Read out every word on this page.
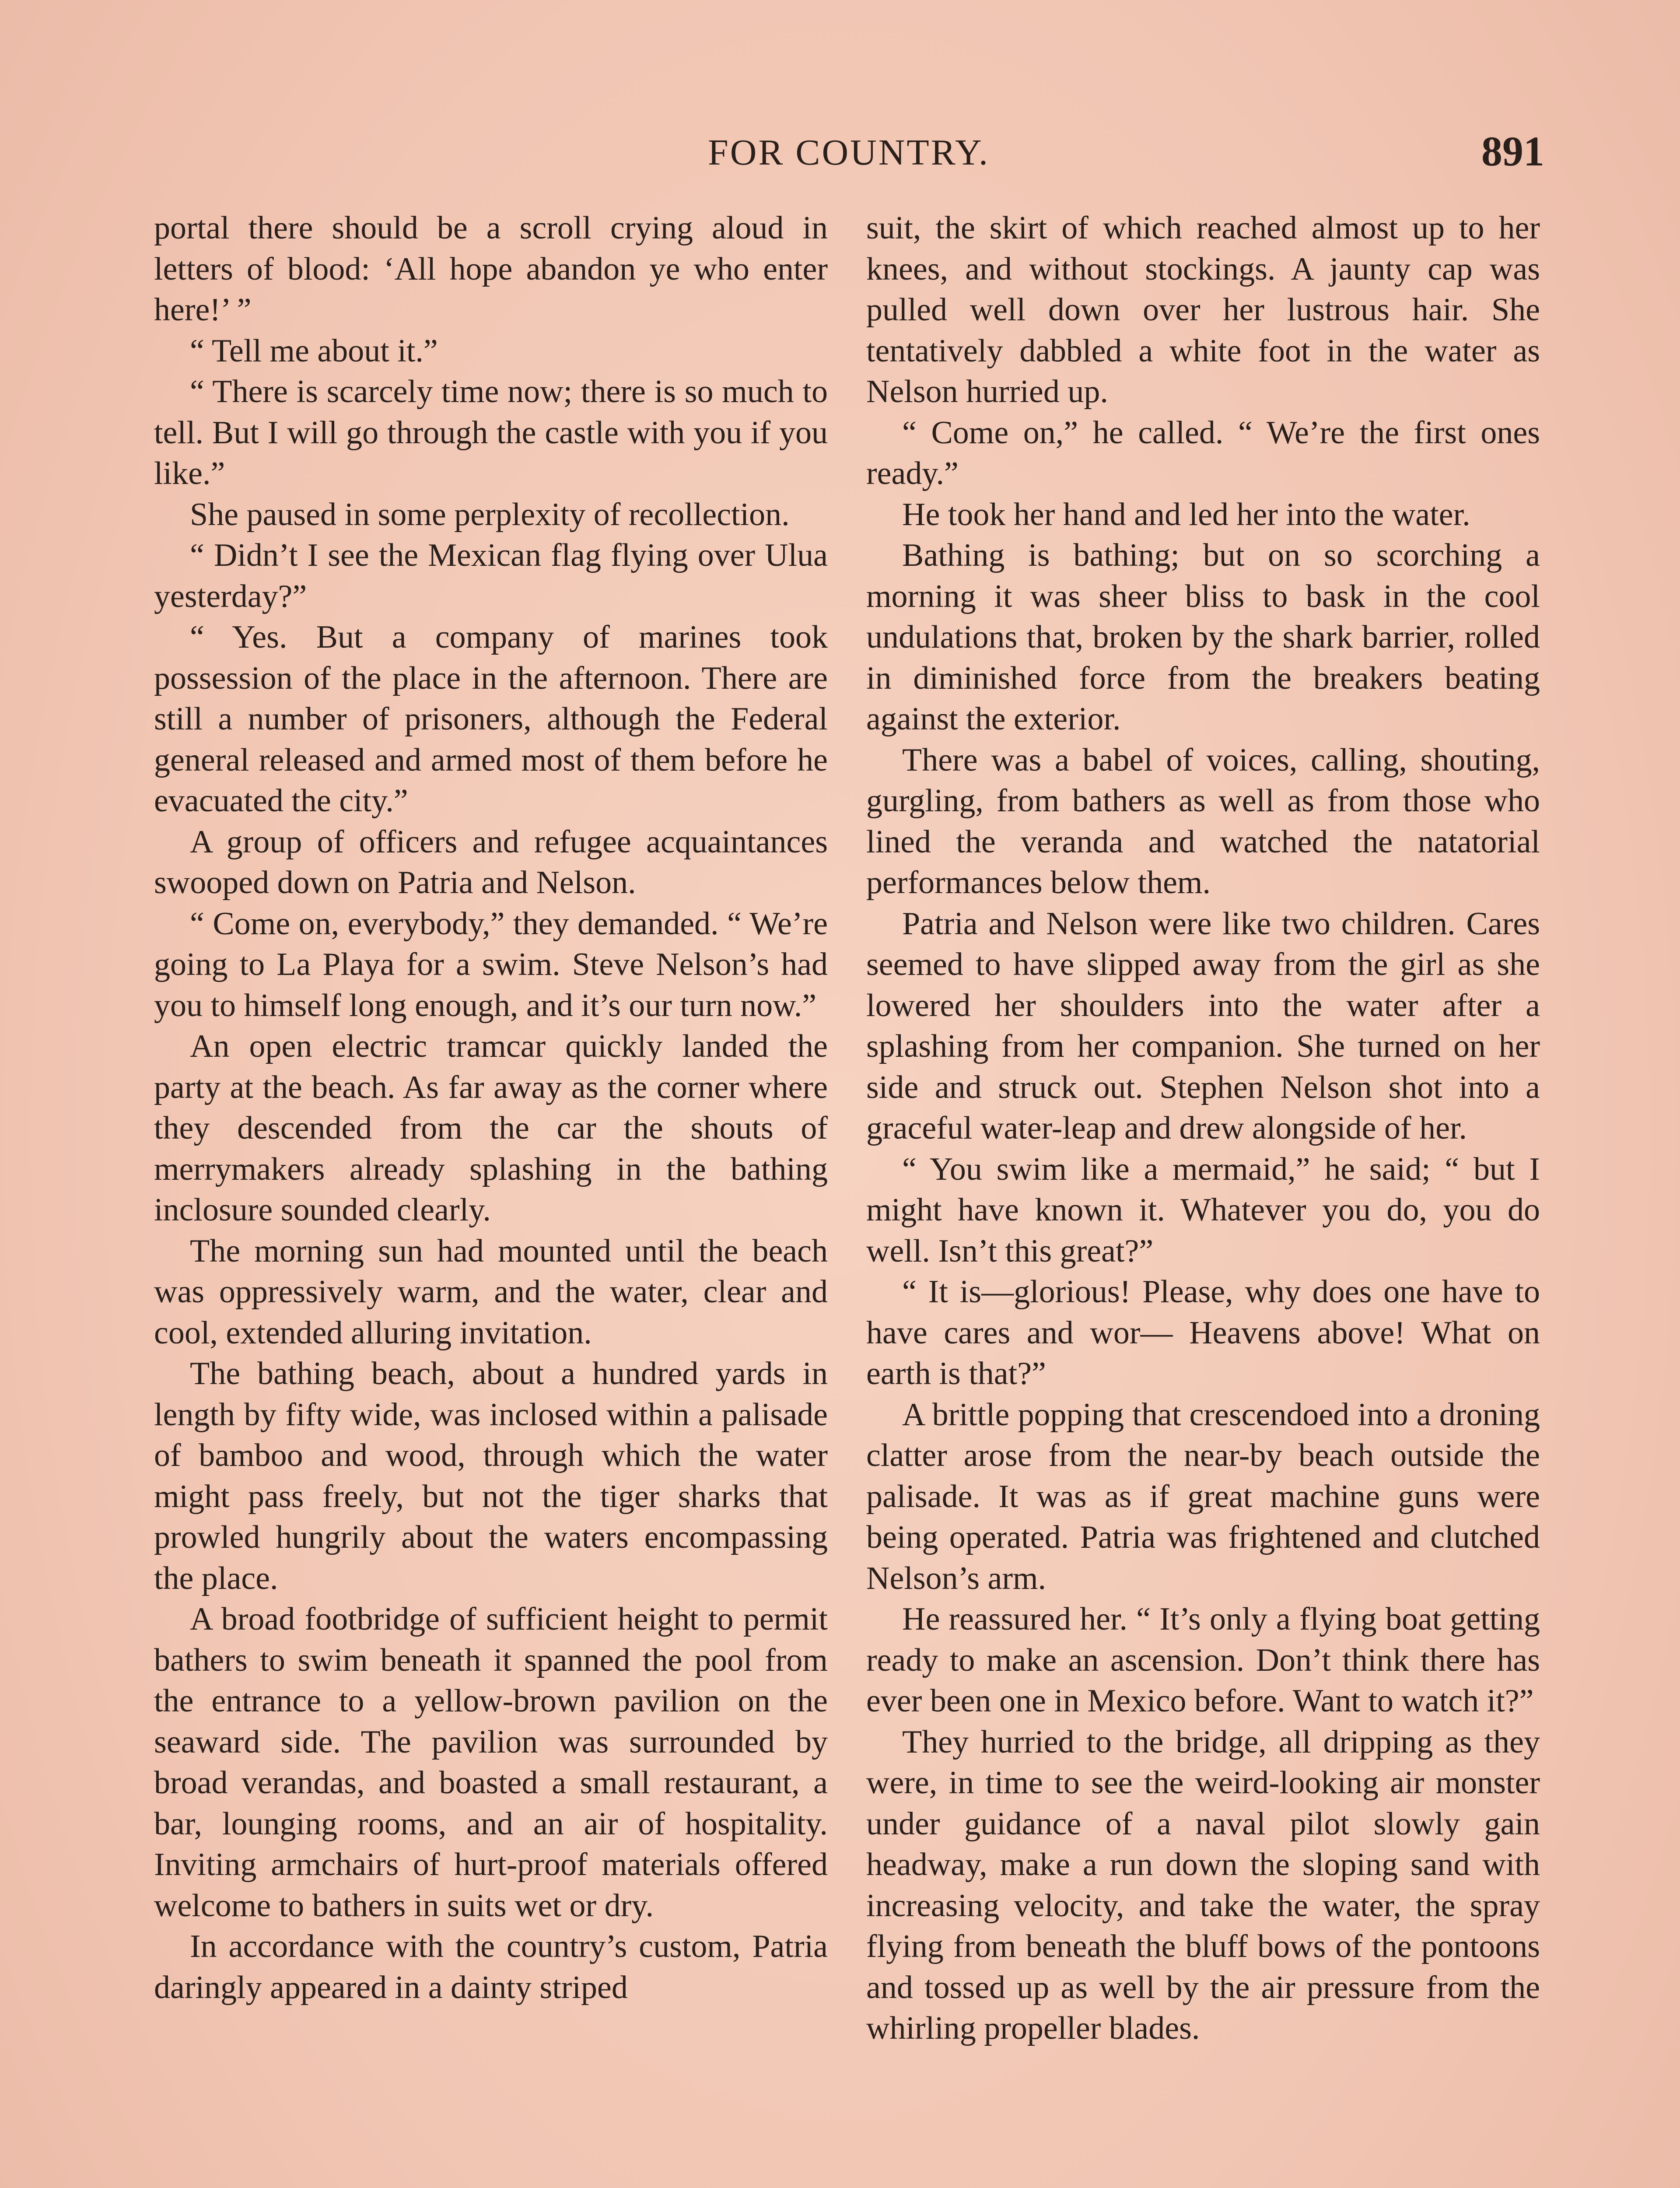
FOR COUNTRY.	891

portal there should be a scroll crying aloud in letters of blood: ‘All hope abandon ye who enter here!’ ”

“ Tell me about it.”

“ There is scarcely time now; there is so much to tell. But I will go through the castle with you if you like.”

She paused in some perplexity of recollection.

“ Didn’t I see the Mexican flag flying over Ulua yesterday?”

“ Yes. But a company of marines took possession of the place in the afternoon. There are still a number of prisoners, although the Federal general released and armed most of them before he evacuated the city.”

A group of officers and refugee acquaintances swooped down on Patria and Nelson.

“ Come on, everybody,” they demanded. “ We’re going to La Playa for a swim. Steve Nelson’s had you to himself long enough, and it’s our turn now.”

An open electric tramcar quickly landed the party at the beach. As far away as the corner where they descended from the car the shouts of merrymakers already splashing in the bathing inclosure sounded clearly.

The morning sun had mounted until the beach was oppressively warm, and the water, clear and cool, extended alluring invitation.

The bathing beach, about a hundred yards in length by fifty wide, was inclosed within a palisade of bamboo and wood, through which the water might pass freely, but not the tiger sharks that prowled hungrily about the waters encompassing the place.

A broad footbridge of sufficient height to permit bathers to swim beneath it spanned the pool from the entrance to a yellow-brown pavilion on the seaward side. The pavilion was surrounded by broad verandas, and boasted a small restaurant, a bar, lounging rooms, and an air of hospitality. Inviting armchairs of hurt-proof materials offered welcome to bathers in suits wet or dry.

In accordance with the country’s custom, Patria daringly appeared in a dainty striped

suit, the skirt of which reached almost up to her knees, and without stockings. A jaunty cap was pulled well down over her lustrous hair. She tentatively dabbled a white foot in the water as Nelson hurried up.

“ Come on,” he called. “ We’re the first ones ready.”

He took her hand and led her into the water.

Bathing is bathing; but on so scorching a morning it was sheer bliss to bask in the cool undulations that, broken by the shark barrier, rolled in diminished force from the breakers beating against the exterior.

There was a babel of voices, calling, shouting, gurgling, from bathers as well as from those who lined the veranda and watched the natatorial performances below them.

Patria and Nelson were like two children. Cares seemed to have slipped away from the girl as she lowered her shoulders into the water after a splashing from her companion. She turned on her side and struck out. Stephen Nelson shot into a graceful water-leap and drew alongside of her.

“ You swim like a mermaid,” he said; “ but I might have known it. Whatever you do, you do well. Isn’t this great?”

“ It is—glorious! Please, why does one have to have cares and wor— Heavens above! What on earth is that?”

A brittle popping that crescendoed into a droning clatter arose from the near-by beach outside the palisade. It was as if great machine guns were being operated. Patria was frightened and clutched Nelson’s arm.

He reassured her. “ It’s only a flying boat getting ready to make an ascension. Don’t think there has ever been one in Mexico before. Want to watch it?”

They hurried to the bridge, all dripping as they were, in time to see the weird-looking air monster under guidance of a naval pilot slowly gain headway, make a run down the sloping sand with increasing velocity, and take the water, the spray flying from beneath the bluff bows of the pontoons and tossed up as well by the air pressure from the whirling propeller blades.
